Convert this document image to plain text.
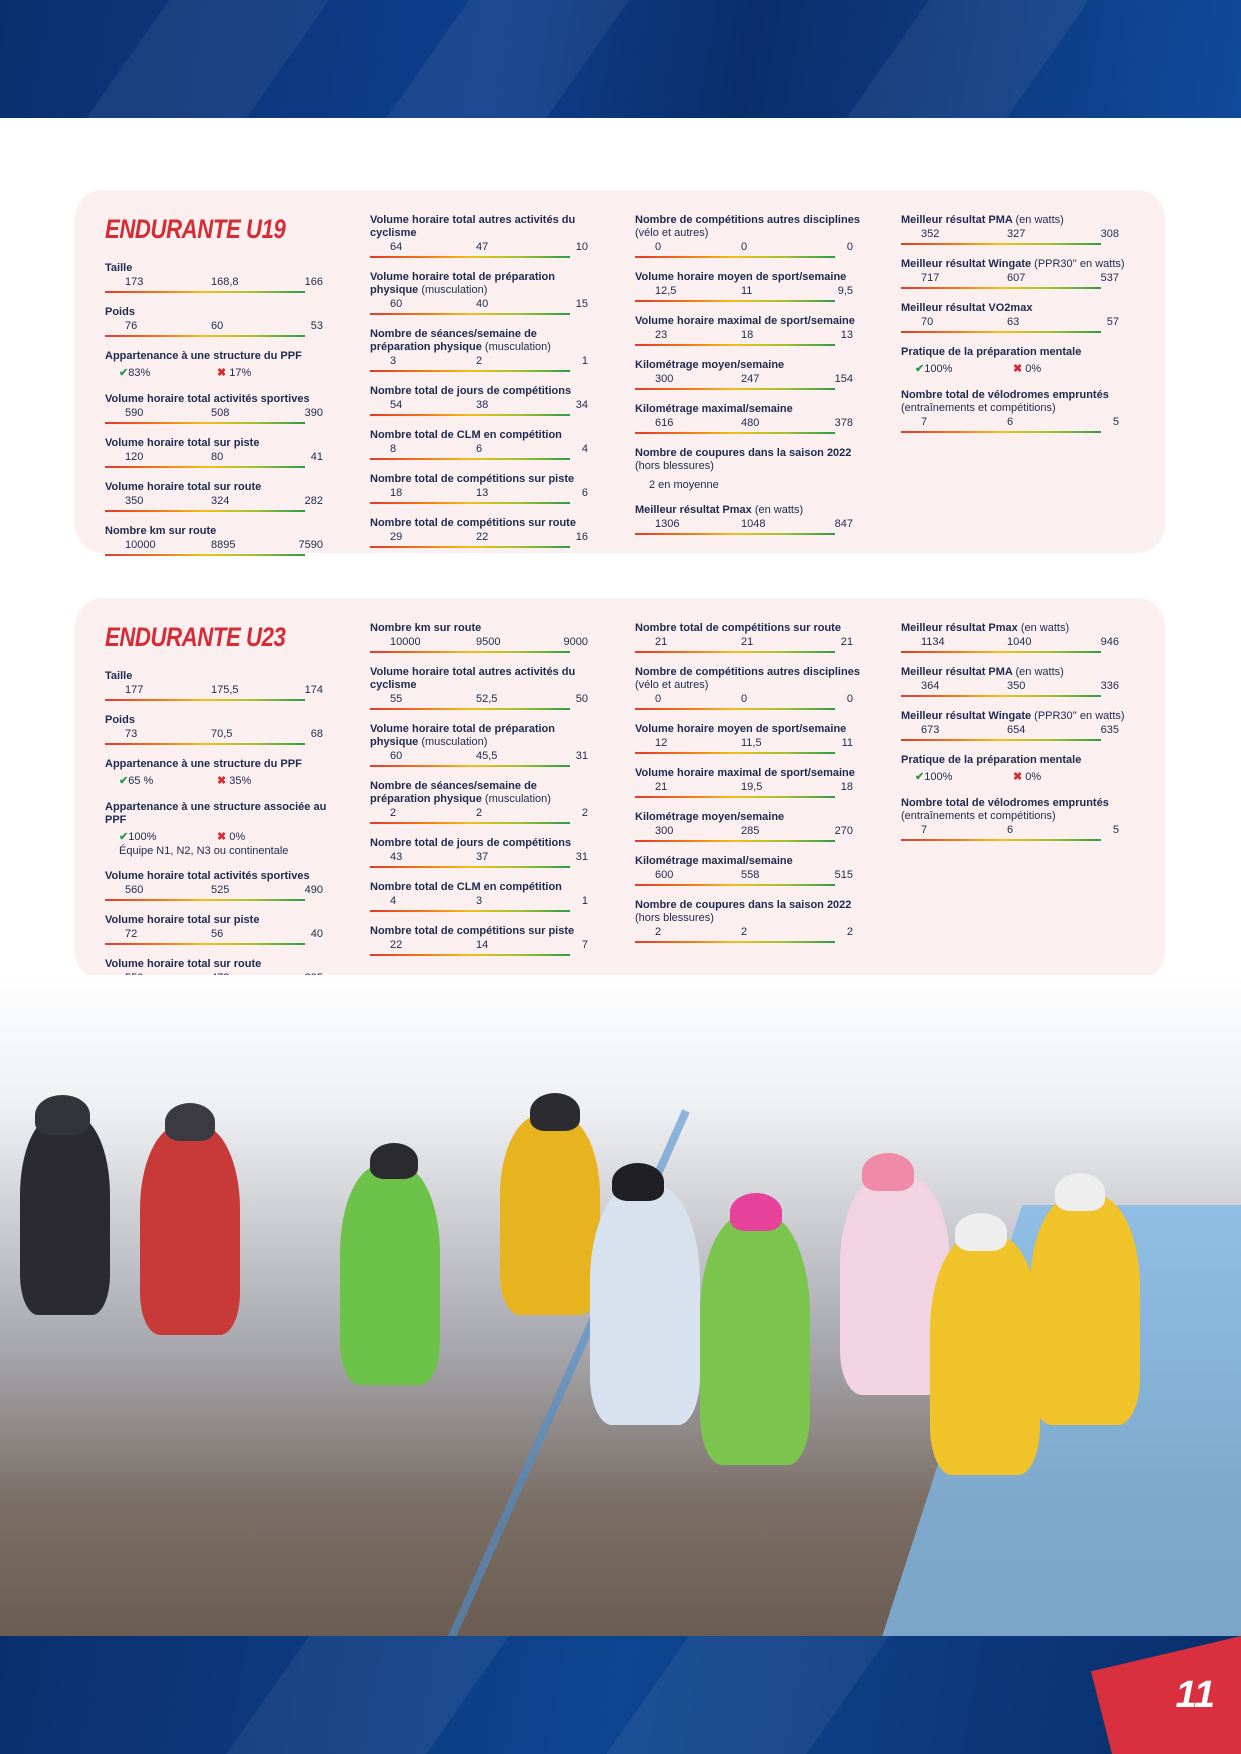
ENDURANTE U19
Taille
173	168,8	166
Poids
76	60	53
Appartenance à une structure du PPF
✔83%	✖ 17%
Volume horaire total activités sportives
590	508	390
Volume horaire total sur piste
120	80	41
Volume horaire total sur route
350	324	282
Nombre km sur route
10000	8895	7590
Volume horaire total autres activités du cyclisme
64	47	10
Volume horaire total de préparation physique (musculation)
60	40	15
Nombre de séances/semaine de préparation physique (musculation)
3	2	1
Nombre total de jours de compétitions
54	38	34
Nombre total de CLM en compétition
8	6	4
Nombre total de compétitions sur piste
18	13	6
Nombre total de compétitions sur route
29	22	16
Nombre de compétitions autres disciplines (vélo et autres)
0	0	0
Volume horaire moyen de sport/semaine
12,5	11	9,5
Volume horaire maximal de sport/semaine
23	18	13
Kilométrage moyen/semaine
300	247	154
Kilométrage maximal/semaine
616	480	378
Nombre de coupures dans la saison 2022 (hors blessures)
2 en moyenne
Meilleur résultat Pmax (en watts)
1306	1048	847
Meilleur résultat PMA (en watts)
352	327	308
Meilleur résultat Wingate (PPR30'' en watts)
717	607	537
Meilleur résultat VO2max
70	63	57
Pratique de la préparation mentale
✔100%	✖ 0%
Nombre total de vélodromes empruntés (entraînements et compétitions)
7	6	5
ENDURANTE U23
Taille
177	175,5	174
Poids
73	70,5	68
Appartenance à une structure du PPF
✔65 %	✖ 35%
Appartenance à une structure associée au PPF
✔100%	✖ 0%
Équipe N1, N2, N3 ou continentale
Volume horaire total activités sportives
560	525	490
Volume horaire total sur piste
72	56	40
Volume horaire total sur route
Nombre km sur route
10000	9500	9000
Volume horaire total autres activités du cyclisme
55	52,5	50
Volume horaire total de préparation physique (musculation)
60	45,5	31
Nombre de séances/semaine de préparation physique (musculation)
2	2	2
Nombre total de jours de compétitions
43	37	31
Nombre total de CLM en compétition
4	3	1
Nombre total de compétitions sur piste
22	14	7
Nombre total de compétitions sur route
21	21	21
Nombre de compétitions autres disciplines (vélo et autres)
0	0	0
Volume horaire moyen de sport/semaine
12	11,5	11
Volume horaire maximal de sport/semaine
21	19,5	18
Kilométrage moyen/semaine
300	285	270
Kilométrage maximal/semaine
600	558	515
Nombre de coupures dans la saison 2022 (hors blessures)
2	2	2
Meilleur résultat Pmax (en watts)
1134	1040	946
Meilleur résultat PMA (en watts)
364	350	336
Meilleur résultat Wingate (PPR30'' en watts)
673	654	635
Pratique de la préparation mentale
✔100%	✖ 0%
Nombre total de vélodromes empruntés (entraînements et compétitions)
7	6	5
11
